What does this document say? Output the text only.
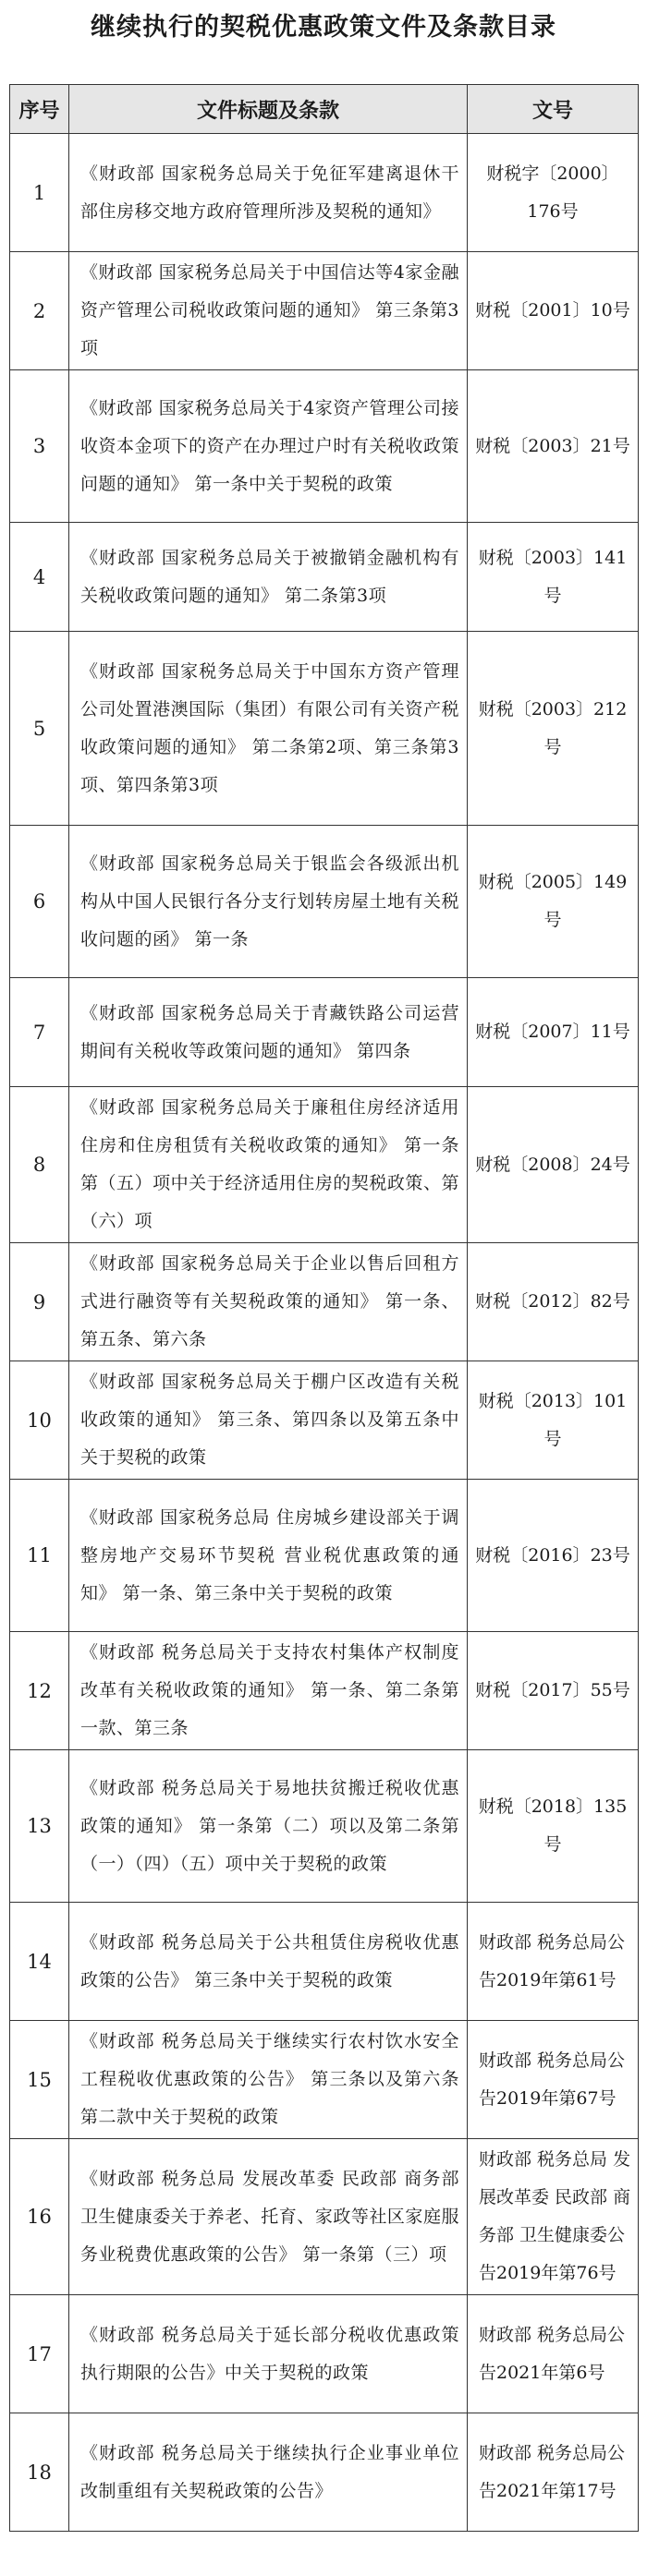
继续执行的契税优惠政策文件及条款目录
序号	文件标题及条款	文号
1	《财政部 国家税务总局关于免征军建离退休干部住房移交地方政府管理所涉及契税的通知》	财税字〔2000〕176号
2	《财政部 国家税务总局关于中国信达等4家金融资产管理公司税收政策问题的通知》 第三条第3项	财税〔2001〕10号
3	《财政部 国家税务总局关于4家资产管理公司接收资本金项下的资产在办理过户时有关税收政策问题的通知》 第一条中关于契税的政策	财税〔2003〕21号
4	《财政部 国家税务总局关于被撤销金融机构有关税收政策问题的通知》 第二条第3项	财税〔2003〕141号
5	《财政部 国家税务总局关于中国东方资产管理公司处置港澳国际（集团）有限公司有关资产税收政策问题的通知》 第二条第2项、第三条第3项、第四条第3项	财税〔2003〕212号
6	《财政部 国家税务总局关于银监会各级派出机构从中国人民银行各分支行划转房屋土地有关税收问题的函》 第一条	财税〔2005〕149号
7	《财政部 国家税务总局关于青藏铁路公司运营期间有关税收等政策问题的通知》 第四条	财税〔2007〕11号
8	《财政部 国家税务总局关于廉租住房经济适用住房和住房租赁有关税收政策的通知》 第一条第（五）项中关于经济适用住房的契税政策、第（六）项	财税〔2008〕24号
9	《财政部 国家税务总局关于企业以售后回租方式进行融资等有关契税政策的通知》 第一条、第五条、第六条	财税〔2012〕82号
10	《财政部 国家税务总局关于棚户区改造有关税收政策的通知》 第三条、第四条以及第五条中关于契税的政策	财税〔2013〕101号
11	《财政部 国家税务总局 住房城乡建设部关于调整房地产交易环节契税 营业税优惠政策的通知》 第一条、第三条中关于契税的政策	财税〔2016〕23号
12	《财政部 税务总局关于支持农村集体产权制度改革有关税收政策的通知》 第一条、第二条第一款、第三条	财税〔2017〕55号
13	《财政部 税务总局关于易地扶贫搬迁税收优惠政策的通知》 第一条第（二）项以及第二条第（一）（四）（五）项中关于契税的政策	财税〔2018〕135号
14	《财政部 税务总局关于公共租赁住房税收优惠政策的公告》 第三条中关于契税的政策	财政部 税务总局公告2019年第61号
15	《财政部 税务总局关于继续实行农村饮水安全工程税收优惠政策的公告》 第三条以及第六条第二款中关于契税的政策	财政部 税务总局公告2019年第67号
16	《财政部 税务总局 发展改革委 民政部 商务部 卫生健康委关于养老、托育、家政等社区家庭服务业税费优惠政策的公告》 第一条第（三）项	财政部 税务总局 发展改革委 民政部 商务部 卫生健康委公告2019年第76号
17	《财政部 税务总局关于延长部分税收优惠政策执行期限的公告》中关于契税的政策	财政部 税务总局公告2021年第6号
18	《财政部 税务总局关于继续执行企业事业单位改制重组有关契税政策的公告》	财政部 税务总局公告2021年第17号
